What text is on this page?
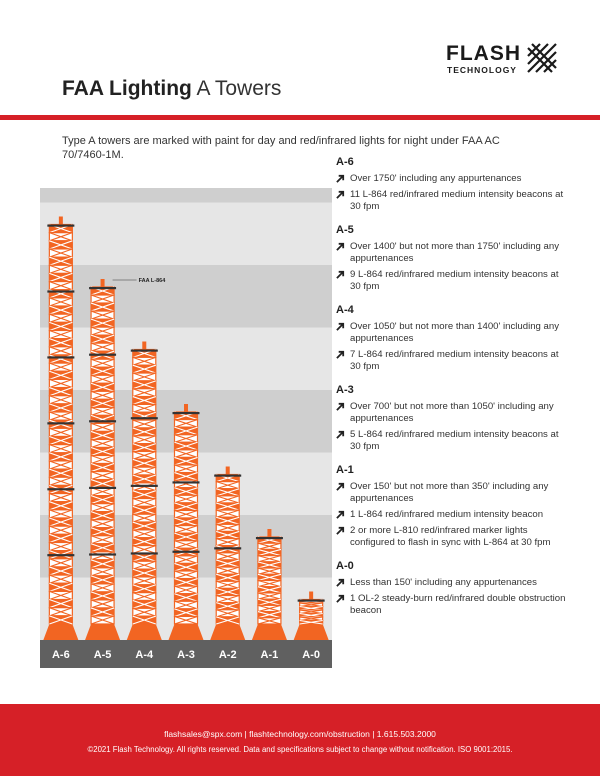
FLASH
TECHNOLOGY
FAA Lighting A Towers
Type A towers are marked with paint for day and red/infrared lights for night under FAA AC 70/7460-1M.
A-6 A-5 A-4 A-3 A-2 A-1 A-0
FAA L-864
A-6
Over 1750' including any appurtenances
11 L-864 red/infrared medium intensity beacons at 30 fpm
A-5
Over 1400' but not more than 1750' including any appurtenances
9 L-864 red/infrared medium intensity beacons at 30 fpm
A-4
Over 1050' but not more than 1400' including any appurtenances
7 L-864 red/infrared medium intensity beacons at 30 fpm
A-3
Over 700' but not more than 1050' including any appurtenances
5 L-864 red/infrared medium intensity beacons at 30 fpm
A-1
Over 150' but not more than 350' including any appurtenances
1 L-864 red/infrared medium intensity beacon
2 or more L-810 red/infrared marker lights configured to flash in sync with L-864 at 30 fpm
A-0
Less than 150' including any appurtenances
1 OL-2 steady-burn red/infrared double obstruction beacon
flashsales@spx.com | flashtechnology.com/obstruction | 1.615.503.2000
©2021 Flash Technology. All rights reserved. Data and specifications subject to change without notification. ISO 9001:2015.
